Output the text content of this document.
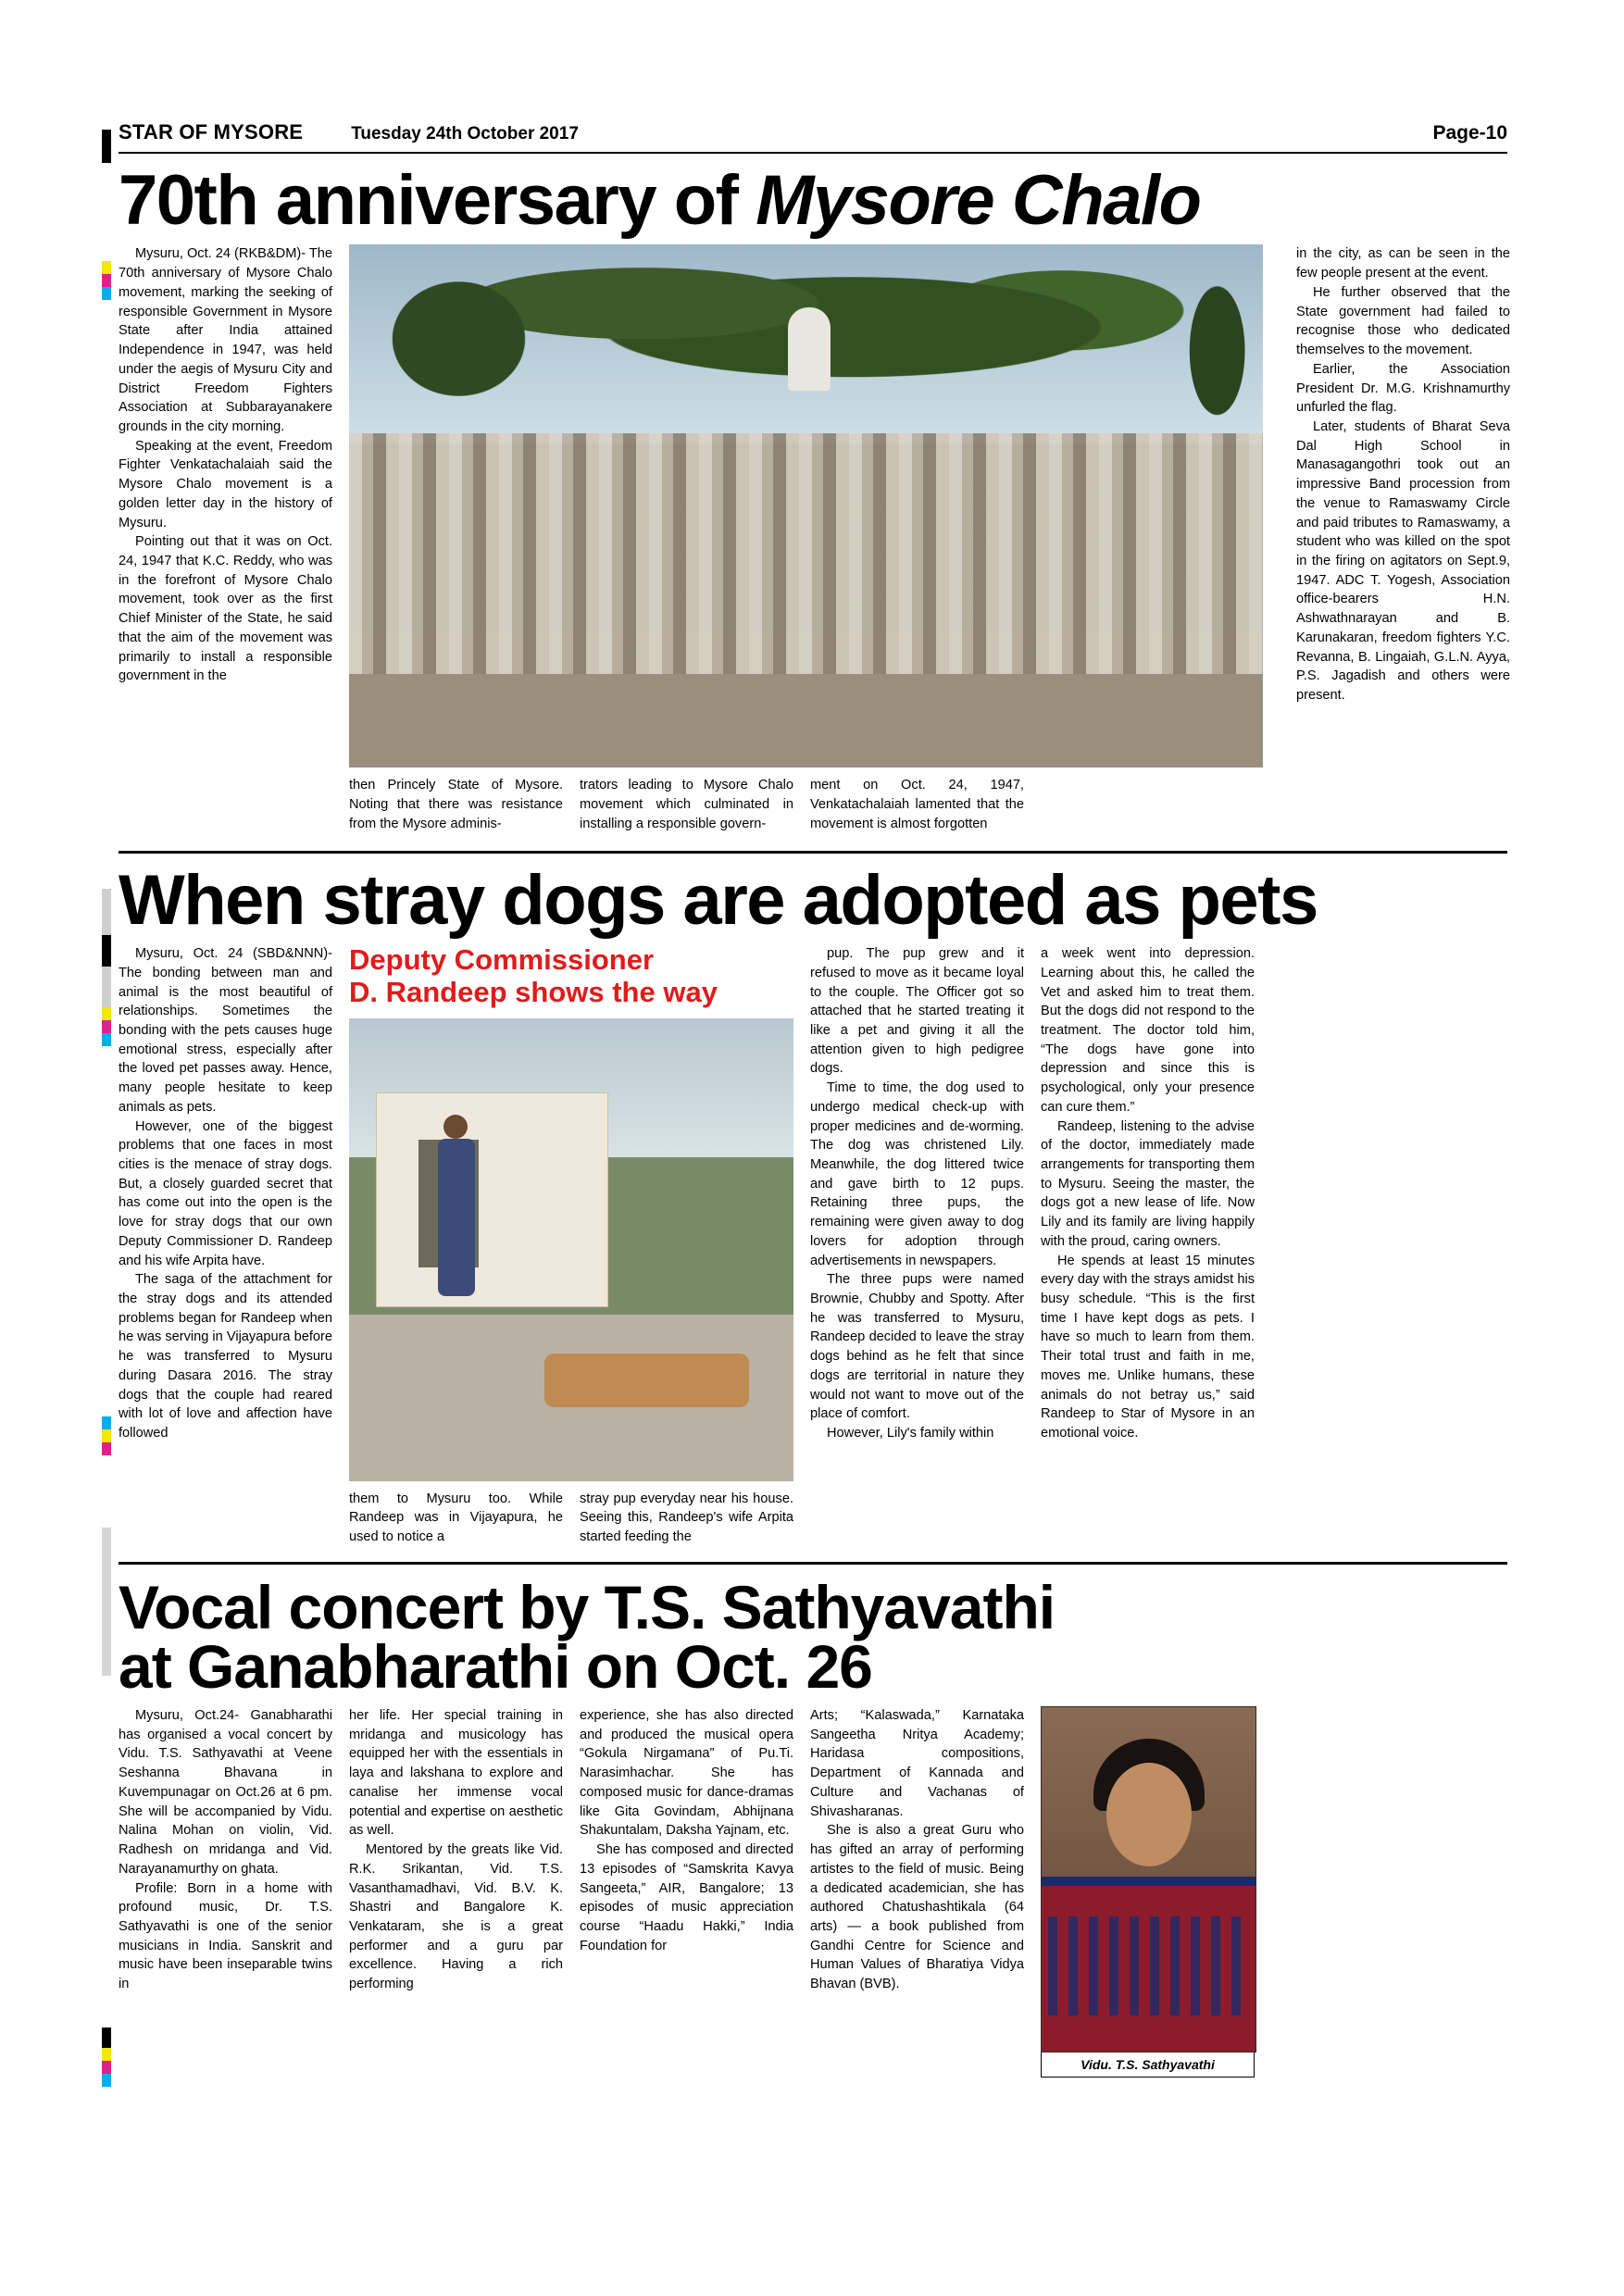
STAR OF MYSORE	Tuesday 24th October 2017	Page-10
70th anniversary of Mysore Chalo

Mysuru, Oct. 24 (RKB&DM)- The 70th anniversary of Mysore Chalo movement, marking the seeking of responsible Government in Mysore State after India attained Independence in 1947, was held under the aegis of Mysuru City and District Freedom Fighters Association at Subbarayanakere grounds in the city morning.

Speaking at the event, Freedom Fighter Venkatachalaiah said the Mysore Chalo movement is a golden letter day in the history of Mysuru.

Pointing out that it was on Oct. 24, 1947 that K.C. Reddy, who was in the forefront of Mysore Chalo movement, took over as the first Chief Minister of the State, he said that the aim of the movement was primarily to install a responsible government in the

then Princely State of Mysore. Noting that there was resistance from the Mysore adminis-

trators leading to Mysore Chalo movement which culminated in installing a responsible govern-

ment on Oct. 24, 1947, Venkatachalaiah lamented that the movement is almost forgotten

in the city, as can be seen in the few people present at the event.

He further observed that the State government had failed to recognise those who dedicated themselves to the movement.

Earlier, the Association President Dr. M.G. Krishnamurthy unfurled the flag.

Later, students of Bharat Seva Dal High School in Manasagangothri took out an impressive Band procession from the venue to Ramaswamy Circle and paid tributes to Ramaswamy, a student who was killed on the spot in the firing on agitators on Sept.9, 1947. ADC T. Yogesh, Association office-bearers H.N. Ashwathnarayan and B. Karunakaran, freedom fighters Y.C. Revanna, B. Lingaiah, G.L.N. Ayya, P.S. Jagadish and others were present.

When stray dogs are adopted as pets

Mysuru, Oct. 24 (SBD&NNN)- The bonding between man and animal is the most beautiful of relationships. Sometimes the bonding with the pets causes huge emotional stress, especially after the loved pet passes away. Hence, many people hesitate to keep animals as pets.

However, one of the biggest problems that one faces in most cities is the menace of stray dogs. But, a closely guarded secret that has come out into the open is the love for stray dogs that our own Deputy Commissioner D. Randeep and his wife Arpita have.

The saga of the attachment for the stray dogs and its attended problems began for Randeep when he was serving in Vijayapura before he was transferred to Mysuru during Dasara 2016. The stray dogs that the couple had reared with lot of love and affection have followed

Deputy Commissioner
D. Randeep shows the way

them to Mysuru too. While Randeep was in Vijayapura, he used to notice a

stray pup everyday near his house. Seeing this, Randeep's wife Arpita started feeding the

pup. The pup grew and it refused to move as it became loyal to the couple. The Officer got so attached that he started treating it like a pet and giving it all the attention given to high pedigree dogs.

Time to time, the dog used to undergo medical check-up with proper medicines and de-worming. The dog was christened Lily. Meanwhile, the dog littered twice and gave birth to 12 pups. Retaining three pups, the remaining were given away to dog lovers for adoption through advertisements in newspapers.

The three pups were named Brownie, Chubby and Spotty. After he was transferred to Mysuru, Randeep decided to leave the stray dogs behind as he felt that since dogs are territorial in nature they would not want to move out of the place of comfort.

However, Lily's family within

a week went into depression. Learning about this, he called the Vet and asked him to treat them. But the dogs did not respond to the treatment. The doctor told him, “The dogs have gone into depression and since this is psychological, only your presence can cure them.”

Randeep, listening to the advise of the doctor, immediately made arrangements for transporting them to Mysuru. Seeing the master, the dogs got a new lease of life. Now Lily and its family are living happily with the proud, caring owners.

He spends at least 15 minutes every day with the strays amidst his busy schedule. “This is the first time I have kept dogs as pets. I have so much to learn from them. Their total trust and faith in me, moves me. Unlike humans, these animals do not betray us,” said Randeep to Star of Mysore in an emotional voice.

Vocal concert by T.S. Sathyavathi
at Ganabharathi on Oct. 26

Mysuru, Oct.24- Ganabharathi has organised a vocal concert by Vidu. T.S. Sathyavathi at Veene Seshanna Bhavana in Kuvempunagar on Oct.26 at 6 pm. She will be accompanied by Vidu. Nalina Mohan on violin, Vid. Radhesh on mridanga and Vid. Narayanamurthy on ghata.

Profile: Born in a home with profound music, Dr. T.S. Sathyavathi is one of the senior musicians in India. Sanskrit and music have been inseparable twins in

her life. Her special training in mridanga and musicology has equipped her with the essentials in laya and lakshana to explore and canalise her immense vocal potential and expertise on aesthetic as well.

Mentored by the greats like Vid. R.K. Srikantan, Vid. T.S. Vasanthamadhavi, Vid. B.V. K. Shastri and Bangalore K. Venkataram, she is a great performer and a guru par excellence. Having a rich performing

experience, she has also directed and produced the musical opera “Gokula Nirgamana” of Pu.Ti. Narasimhachar. She has composed music for dance-dramas like Gita Govindam, Abhijnana Shakuntalam, Daksha Yajnam, etc.

She has composed and directed 13 episodes of “Samskrita Kavya Sangeeta,” AIR, Bangalore; 13 episodes of music appreciation course “Haadu Hakki,” India Foundation for

Arts; “Kalaswada,” Karnataka Sangeetha Nritya Academy; Haridasa compositions, Department of Kannada and Culture and Vachanas of Shivasharanas.

She is also a great Guru who has gifted an array of performing artistes to the field of music. Being a dedicated academician, she has authored Chatushashtikala (64 arts) — a book published from Gandhi Centre for Science and Human Values of Bharatiya Vidya Bhavan (BVB).

Vidu. T.S. Sathyavathi
